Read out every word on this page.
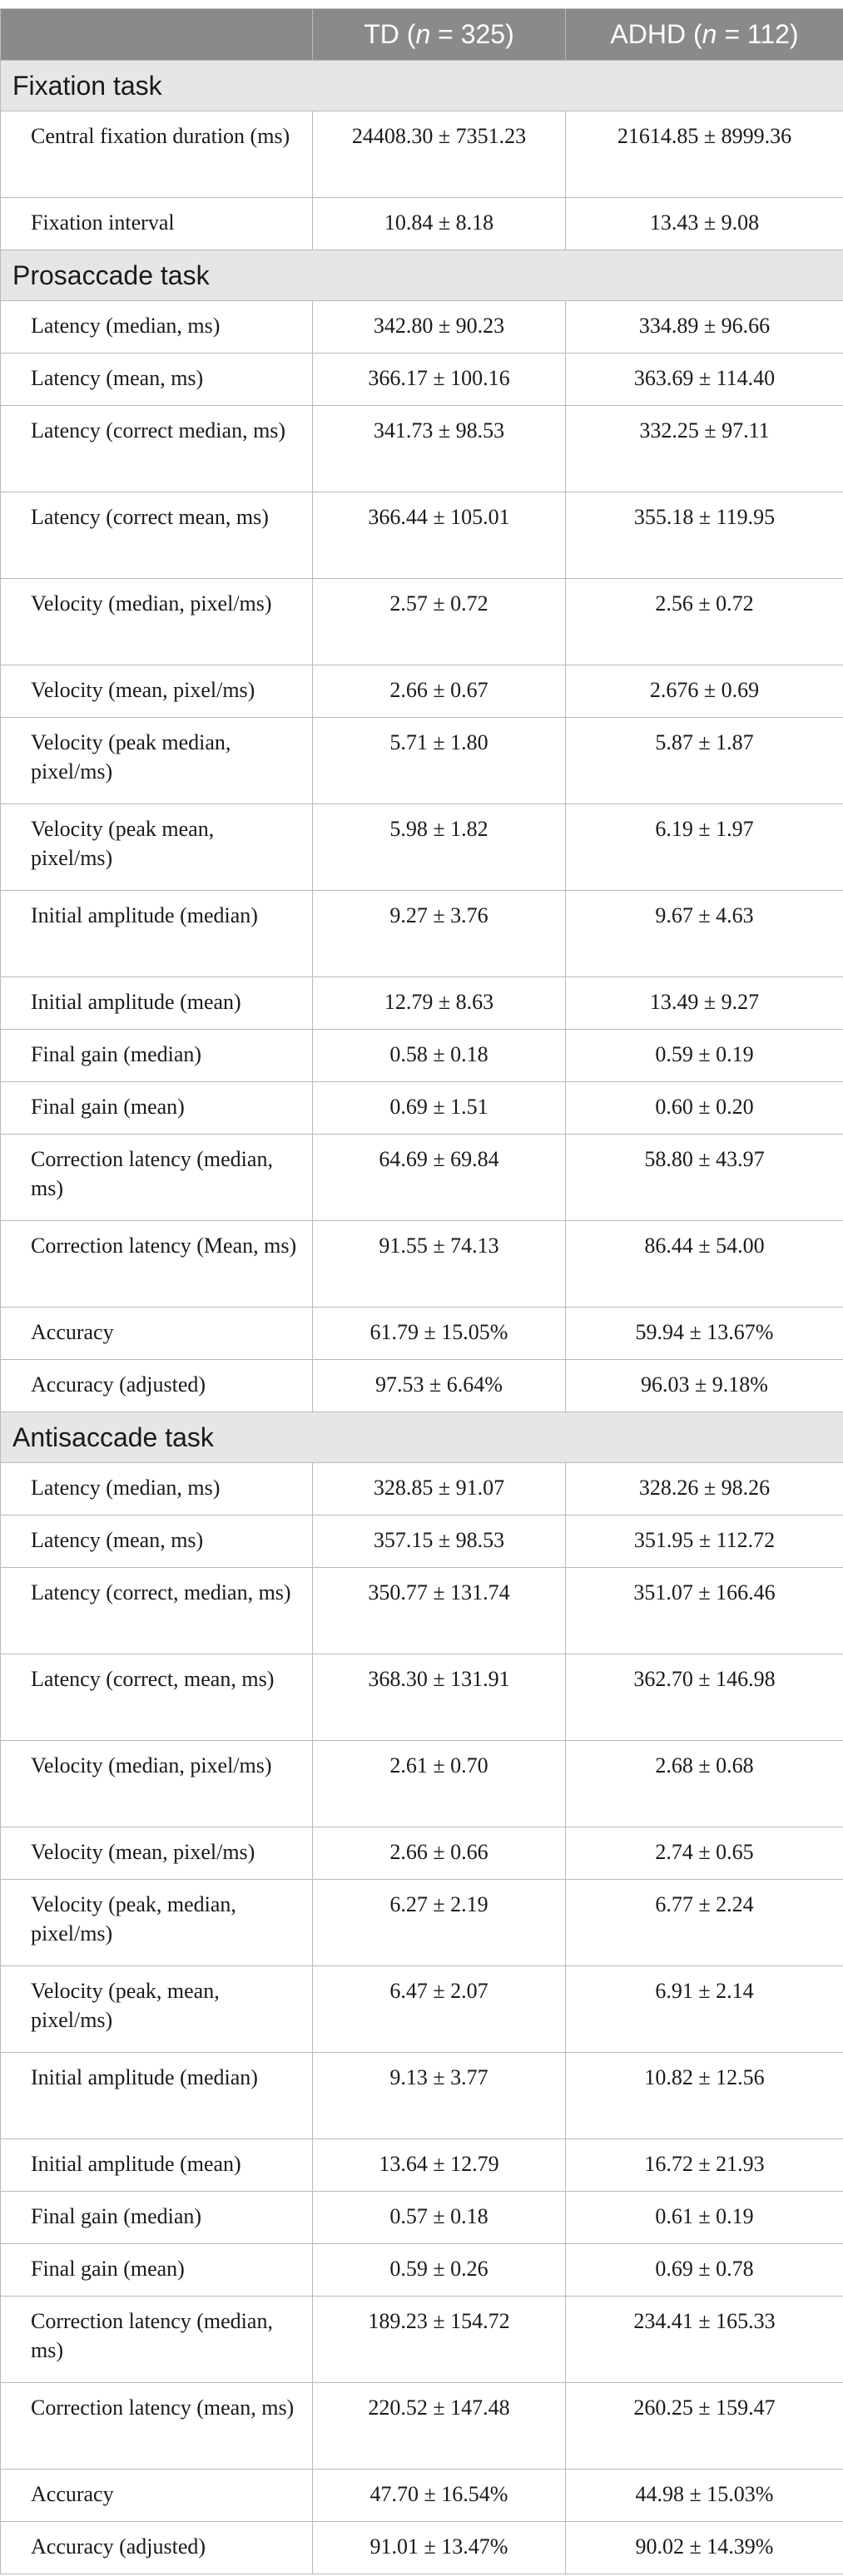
	TD (n = 325)	ADHD (n = 112)
Fixation task		
Central fixation duration (ms)	24408.30 ± 7351.23	21614.85 ± 8999.36
Fixation interval	10.84 ± 8.18	13.43 ± 9.08
Prosaccade task		
Latency (median, ms)	342.80 ± 90.23	334.89 ± 96.66
Latency (mean, ms)	366.17 ± 100.16	363.69 ± 114.40
Latency (correct median, ms)	341.73 ± 98.53	332.25 ± 97.11
Latency (correct mean, ms)	366.44 ± 105.01	355.18 ± 119.95
Velocity (median, pixel/ms)	2.57 ± 0.72	2.56 ± 0.72
Velocity (mean, pixel/ms)	2.66 ± 0.67	2.676 ± 0.69
Velocity (peak median, pixel/ms)	5.71 ± 1.80	5.87 ± 1.87
Velocity (peak mean, pixel/ms)	5.98 ± 1.82	6.19 ± 1.97
Initial amplitude (median)	9.27 ± 3.76	9.67 ± 4.63
Initial amplitude (mean)	12.79 ± 8.63	13.49 ± 9.27
Final gain (median)	0.58 ± 0.18	0.59 ± 0.19
Final gain (mean)	0.69 ± 1.51	0.60 ± 0.20
Correction latency (median, ms)	64.69 ± 69.84	58.80 ± 43.97
Correction latency (Mean, ms)	91.55 ± 74.13	86.44 ± 54.00
Accuracy	61.79 ± 15.05%	59.94 ± 13.67%
Accuracy (adjusted)	97.53 ± 6.64%	96.03 ± 9.18%
Antisaccade task		
Latency (median, ms)	328.85 ± 91.07	328.26 ± 98.26
Latency (mean, ms)	357.15 ± 98.53	351.95 ± 112.72
Latency (correct, median, ms)	350.77 ± 131.74	351.07 ± 166.46
Latency (correct, mean, ms)	368.30 ± 131.91	362.70 ± 146.98
Velocity (median, pixel/ms)	2.61 ± 0.70	2.68 ± 0.68
Velocity (mean, pixel/ms)	2.66 ± 0.66	2.74 ± 0.65
Velocity (peak, median, pixel/ms)	6.27 ± 2.19	6.77 ± 2.24
Velocity (peak, mean, pixel/ms)	6.47 ± 2.07	6.91 ± 2.14
Initial amplitude (median)	9.13 ± 3.77	10.82 ± 12.56
Initial amplitude (mean)	13.64 ± 12.79	16.72 ± 21.93
Final gain (median)	0.57 ± 0.18	0.61 ± 0.19
Final gain (mean)	0.59 ± 0.26	0.69 ± 0.78
Correction latency (median, ms)	189.23 ± 154.72	234.41 ± 165.33
Correction latency (mean, ms)	220.52 ± 147.48	260.25 ± 159.47
Accuracy	47.70 ± 16.54%	44.98 ± 15.03%
Accuracy (adjusted)	91.01 ± 13.47%	90.02 ± 14.39%
